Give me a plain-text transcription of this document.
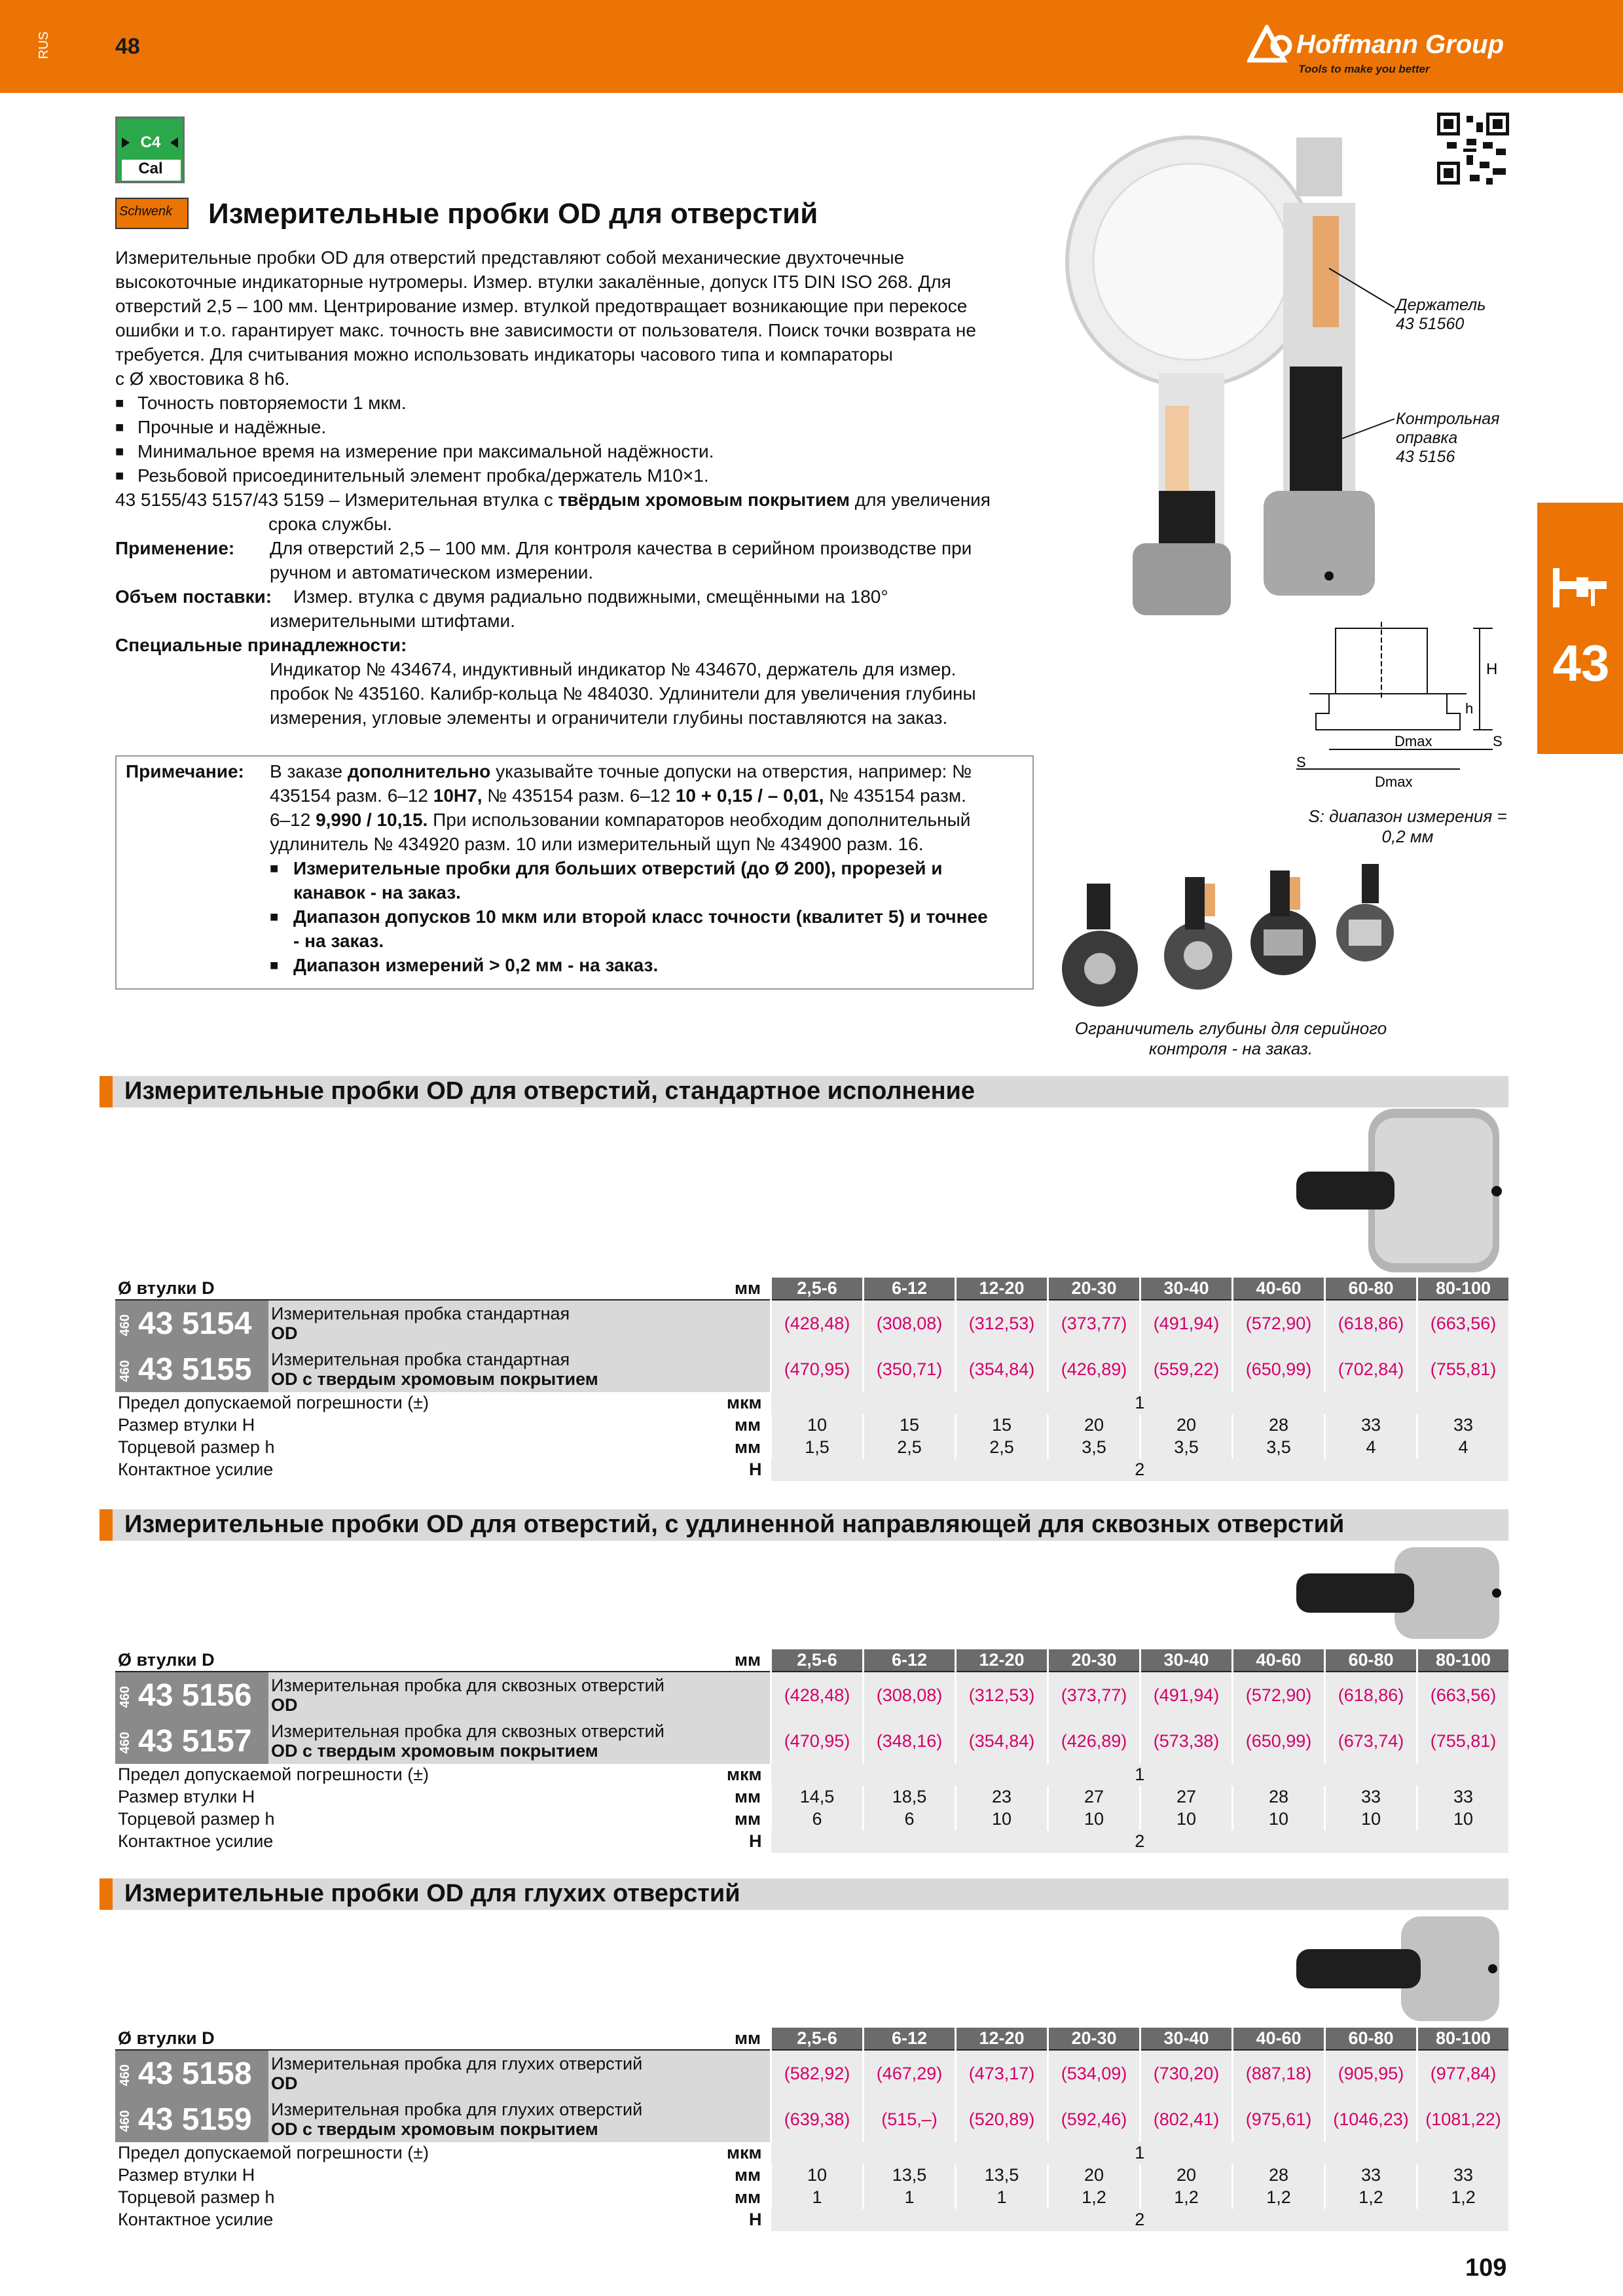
RUS	48	Hoffmann Group
Tools to make you better
43
C4
Cal
Schwenk Измерительные пробки OD для отверстий
Измерительные пробки OD для отверстий представляют собой механические двухточечные
высокоточные индикаторные нутромеры. Измер. втулки закалённые, допуск IT5 DIN ISO 268. Для
отверстий 2,5 – 100 мм. Центрирование измер. втулкой предотвращает возникающие при перекосе
ошибки и т.о. гарантирует макс. точность вне зависимости от пользователя. Поиск точки возврата не
требуется. Для считывания можно использовать индикаторы часового типа и компараторы
с Ø хвостовика 8 h6.
■ Точность повторяемости 1 мкм.
■ Прочные и надёжные.
■ Минимальное время на измерение при максимальной надёжности.
■ Резьбовой присоединительный элемент пробка/держатель M10×1.
43 5155/43 5157/43 5159 – Измерительная втулка с твёрдым хромовым покрытием для увеличения
срока службы.
Применение: Для отверстий 2,5 – 100 мм. Для контроля качества в серийном производстве при
ручном и автоматическом измерении.
Объем поставки: Измер. втулка с двумя радиально подвижными, смещёнными на 180°
измерительными штифтами.
Специальные принадлежности:
Индикатор № 434674, индуктивный индикатор № 434670, держатель для измер.
пробок № 435160. Калибр-кольца № 484030. Удлинители для увеличения глубины
измерения, угловые элементы и ограничители глубины поставляются на заказ.
Примечание: В заказе дополнительно указывайте точные допуски на отверстия, например: №
435154 разм. 6–12 10H7, № 435154 разм. 6–12 10 + 0,15 / – 0,01, № 435154 разм.
6–12 9,990 / 10,15. При использовании компараторов необходим дополнительный
удлинитель № 434920 разм. 10 или измерительный щуп № 434900 разм. 16.
■ Измерительные пробки для больших отверстий (до Ø 200), прорезей и
канавок - на заказ.
■ Диапазон допусков 10 мкм или второй класс точности (квалитет 5) и точнее
- на заказ.
■ Диапазон измерений > 0,2 мм - на заказ.
Держатель
43 51560
Контрольная
оправка
43 5156
H
h
S
S
Dmax
Dmax
S: диапазон измерения =
0,2 мм
Ограничитель глубины для серийного
контроля - на заказ.
Измерительные пробки OD для отверстий, стандартное исполнение
Ø втулки D		мм	2,5-6	6-12	12-20	20-30	30-40	40-60	60-80	80-100
460 43 5154	Измерительная пробка стандартная
OD		(428,48)	(308,08)	(312,53)	(373,77)	(491,94)	(572,90)	(618,86)	(663,56)
460 43 5155	Измерительная пробка стандартная
OD с твердым хромовым покрытием		(470,95)	(350,71)	(354,84)	(426,89)	(559,22)	(650,99)	(702,84)	(755,81)
Предел допускаемой погрешности (±)		мкм	1							
Размер втулки H		мм	10	15	15	20	20	28	33	33
Торцевой размер h		мм	1,5	2,5	2,5	3,5	3,5	3,5	4	4
Контактное усилие		Н	2							
Измерительные пробки OD для отверстий, с удлиненной направляющей для сквозных отверстий
Ø втулки D		мм	2,5-6	6-12	12-20	20-30	30-40	40-60	60-80	80-100
460 43 5156	Измерительная пробка для сквозных отверстий
OD		(428,48)	(308,08)	(312,53)	(373,77)	(491,94)	(572,90)	(618,86)	(663,56)
460 43 5157	Измерительная пробка для сквозных отверстий
OD с твердым хромовым покрытием		(470,95)	(348,16)	(354,84)	(426,89)	(573,38)	(650,99)	(673,74)	(755,81)
Предел допускаемой погрешности (±)		мкм	1							
Размер втулки H		мм	14,5	18,5	23	27	27	28	33	33
Торцевой размер h		мм	6	6	10	10	10	10	10	10
Контактное усилие		Н	2							
Измерительные пробки OD для глухих отверстий
Ø втулки D		мм	2,5-6	6-12	12-20	20-30	30-40	40-60	60-80	80-100
460 43 5158	Измерительная пробка для глухих отверстий
OD		(582,92)	(467,29)	(473,17)	(534,09)	(730,20)	(887,18)	(905,95)	(977,84)
460 43 5159	Измерительная пробка для глухих отверстий
OD с твердым хромовым покрытием		(639,38)	(515,–)	(520,89)	(592,46)	(802,41)	(975,61)	(1046,23)	(1081,22)
Предел допускаемой погрешности (±)		мкм	1							
Размер втулки H		мм	10	13,5	13,5	20	20	28	33	33
Торцевой размер h		мм	1	1	1	1,2	1,2	1,2	1,2	1,2
Контактное усилие		Н	2							
109
